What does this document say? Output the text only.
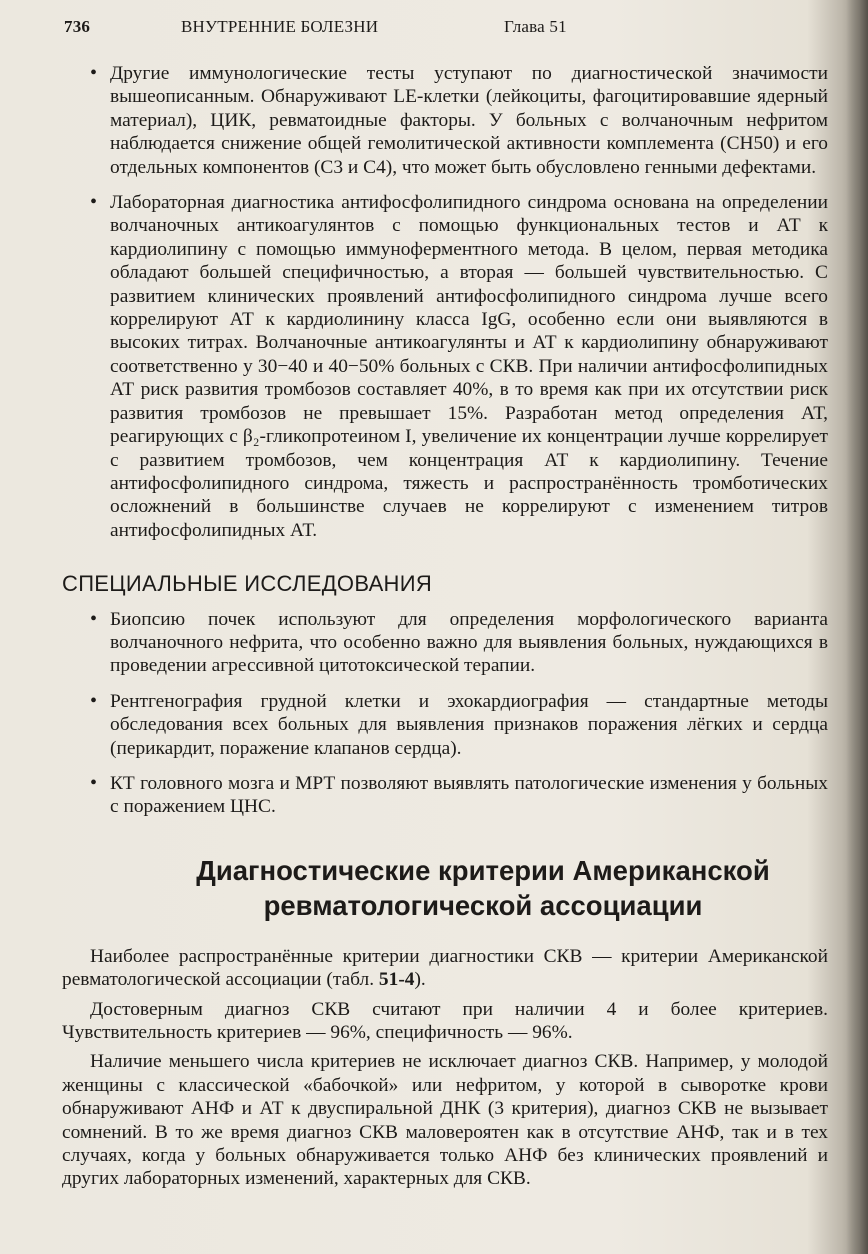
736	ВНУТРЕННИЕ БОЛЕЗНИ	Глава 51
• Другие иммунологические тесты уступают по диагностической значимости вышеописанным. Обнаруживают LE-клетки (лейкоциты, фагоцитировавшие ядерный материал), ЦИК, ревматоидные факторы. У больных с волчаночным нефритом наблюдается снижение общей гемолитической активности комплемента (CH50) и его отдельных компонентов (C3 и C4), что может быть обусловлено генными дефектами.
• Лабораторная диагностика антифосфолипидного синдрома основана на определении волчаночных антикоагулянтов с помощью функциональных тестов и АТ к кардиолипину с помощью иммуноферментного метода. В целом, первая методика обладают большей специфичностью, а вторая — большей чувствительностью. С развитием клинических проявлений антифосфолипидного синдрома лучше всего коррелируют АТ к кардиолинину класса IgG, особенно если они выявляются в высоких титрах. Волчаночные антикоагулянты и АТ к кардиолипину обнаруживают соответственно у 30−40 и 40−50% больных с СКВ. При наличии антифосфолипидных АТ риск развития тромбозов составляет 40%, в то время как при их отсутствии риск развития тромбозов не превышает 15%. Разработан метод определения АТ, реагирующих с β₂-гликопротеином I, увеличение их концентрации лучше коррелирует с развитием тромбозов, чем концентрация АТ к кардиолипину. Течение антифосфолипидного синдрома, тяжесть и распространённость тромботических осложнений в большинстве случаев не коррелируют с изменением титров антифосфолипидных АТ.
СПЕЦИАЛЬНЫЕ ИССЛЕДОВАНИЯ
• Биопсию почек используют для определения морфологического варианта волчаночного нефрита, что особенно важно для выявления больных, нуждающихся в проведении агрессивной цитотоксической терапии.
• Рентгенография грудной клетки и эхокардиография — стандартные методы обследования всех больных для выявления признаков поражения лёгких и сердца (перикардит, поражение клапанов сердца).
• КТ головного мозга и МРТ позволяют выявлять патологические изменения у больных с поражением ЦНС.
Диагностические критерии Американской ревматологической ассоциации

Наиболее распространённые критерии диагностики СКВ — критерии Американской ревматологической ассоциации (табл. 51-4).

Достоверным диагноз СКВ считают при наличии 4 и более критериев. Чувствительность критериев — 96%, специфичность — 96%.

Наличие меньшего числа критериев не исключает диагноз СКВ. Например, у молодой женщины с классической «бабочкой» или нефритом, у которой в сыворотке крови обнаруживают АНФ и АТ к двуспиральной ДНК (3 критерия), диагноз СКВ не вызывает сомнений. В то же время диагноз СКВ маловероятен как в отсутствие АНФ, так и в тех случаях, когда у больных обнаруживается только АНФ без клинических проявлений и других лабораторных изменений, характерных для СКВ.
